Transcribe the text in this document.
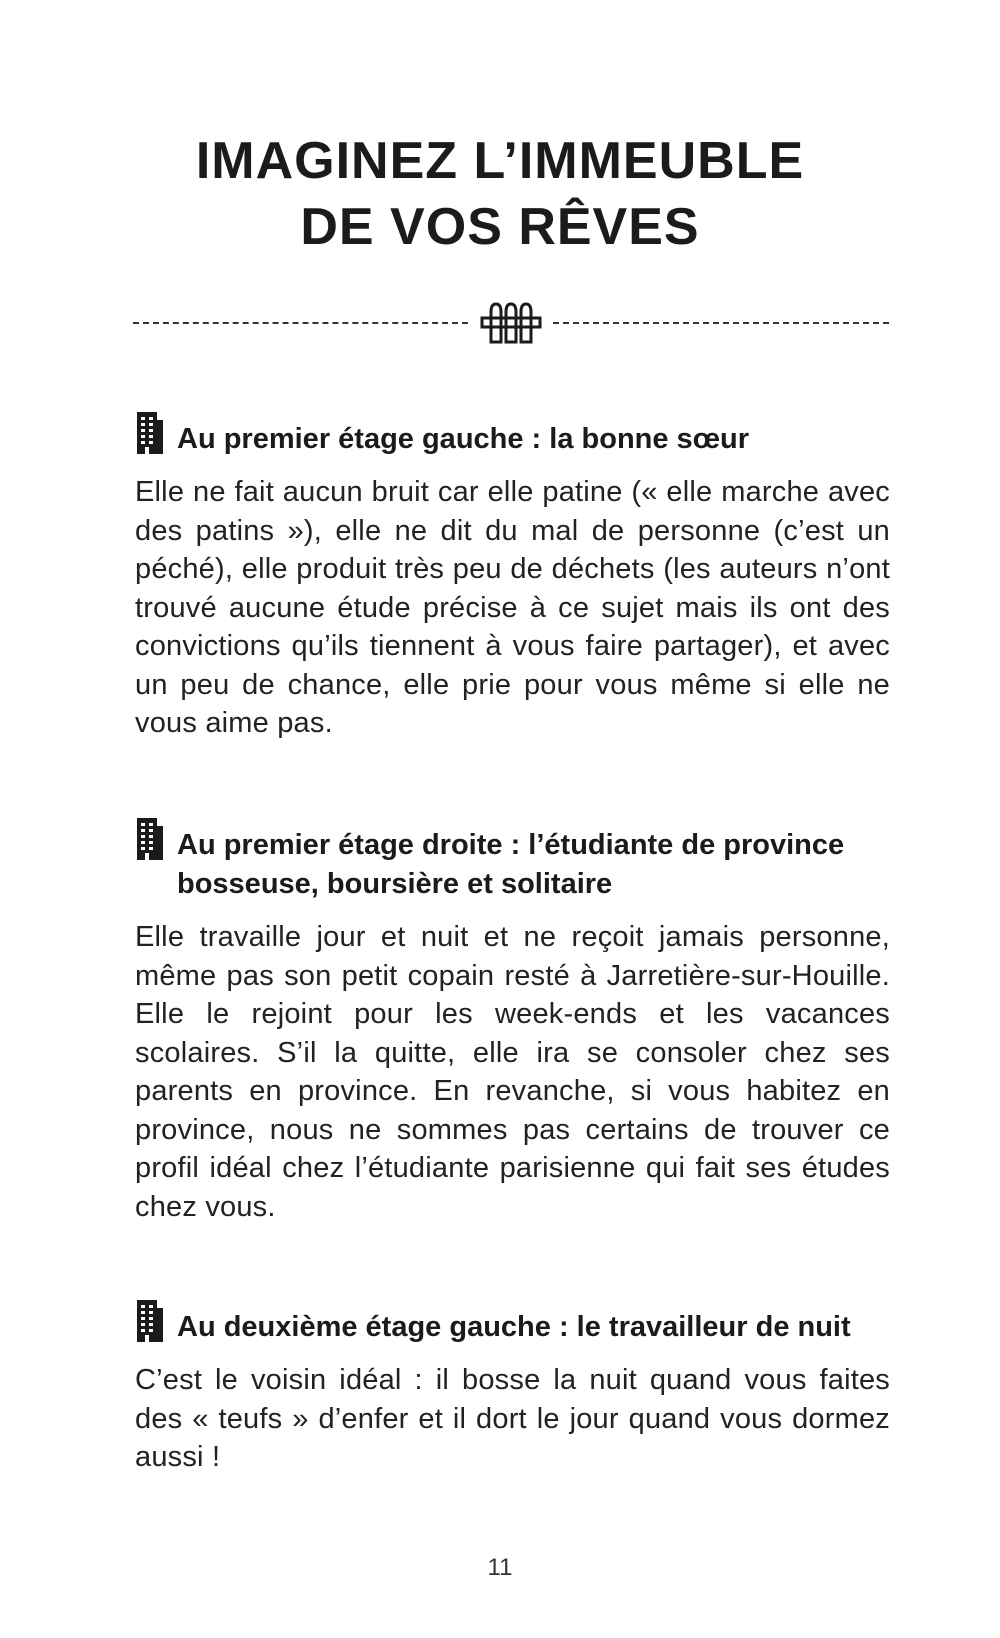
IMAGINEZ L’IMMEUBLE
DE VOS RÊVES
Au premier étage gauche : la bonne sœur

Elle ne fait aucun bruit car elle patine (« elle marche avec des patins »), elle ne dit du mal de personne (c’est un péché), elle produit très peu de déchets (les auteurs n’ont trouvé aucune étude précise à ce sujet mais ils ont des convictions qu’ils tiennent à vous faire partager), et avec un peu de chance, elle prie pour vous même si elle ne vous aime pas.

Au premier étage droite : l’étudiante de province bosseuse, boursière et solitaire

Elle travaille jour et nuit et ne reçoit jamais personne, même pas son petit copain resté à Jarretière-sur-Houille. Elle le rejoint pour les week-ends et les vacances scolaires. S’il la quitte, elle ira se consoler chez ses parents en province. En revanche, si vous habitez en province, nous ne sommes pas certains de trouver ce profil idéal chez l’étudiante parisienne qui fait ses études chez vous.

Au deuxième étage gauche : le travailleur de nuit

C’est le voisin idéal : il bosse la nuit quand vous faites des « teufs » d’enfer et il dort le jour quand vous dormez aussi !

11
